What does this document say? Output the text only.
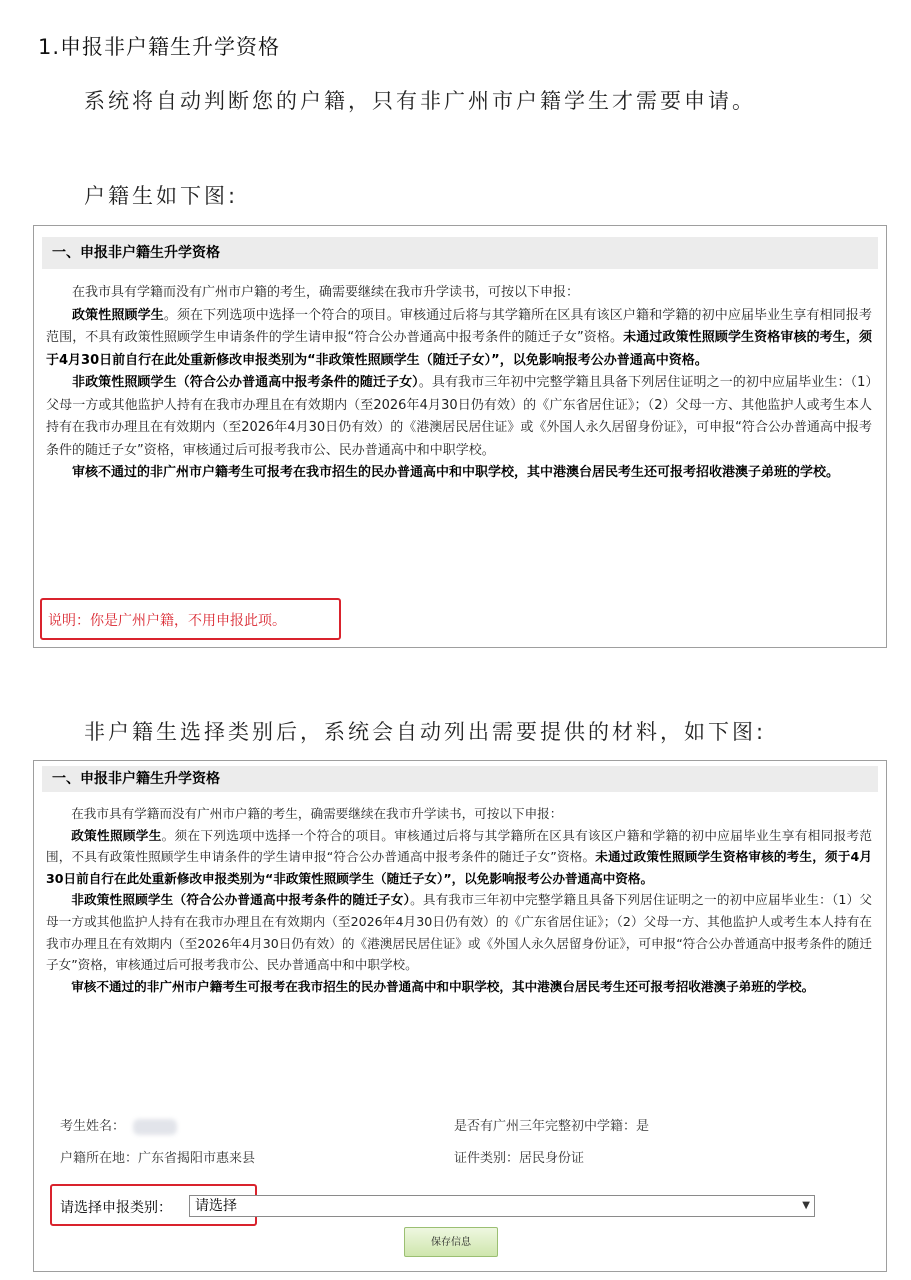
1.申报非户籍生升学资格
系统将自动判断您的户籍，只有非广州市户籍学生才需要申请。
户籍生如下图:
一、申报非户籍生升学资格

在我市具有学籍而没有广州市户籍的考生，确需要继续在我市升学读书，可按以下申报：

政策性照顾学生。须在下列选项中选择一个符合的项目。审核通过后将与其学籍所在区具有该区户籍和学籍的初中应届毕业生享有相同报考范围，不具有政策性照顾学生申请条件的学生请申报“符合公办普通高中报考条件的随迁子女”资格。未通过政策性照顾学生资格审核的考生，须于4月30日前自行在此处重新修改申报类别为“非政策性照顾学生（随迁子女）”，以免影响报考公办普通高中资格。

非政策性照顾学生（符合公办普通高中报考条件的随迁子女）。具有我市三年初中完整学籍且具备下列居住证明之一的初中应届毕业生：（1）父母一方或其他监护人持有在我市办理且在有效期内（至2026年4月30日仍有效）的《广东省居住证》；（2）父母一方、其他监护人或考生本人持有在我市办理且在有效期内（至2026年4月30日仍有效）的《港澳居民居住证》或《外国人永久居留身份证》，可申报“符合公办普通高中报考条件的随迁子女”资格，审核通过后可报考我市公、民办普通高中和中职学校。

审核不通过的非广州市户籍考生可报考在我市招生的民办普通高中和中职学校，其中港澳台居民考生还可报考招收港澳子弟班的学校。

说明：你是广州户籍，不用申报此项。
非户籍生选择类别后，系统会自动列出需要提供的材料，如下图:
一、申报非户籍生升学资格

在我市具有学籍而没有广州市户籍的考生，确需要继续在我市升学读书，可按以下申报：

政策性照顾学生。须在下列选项中选择一个符合的项目。审核通过后将与其学籍所在区具有该区户籍和学籍的初中应届毕业生享有相同报考范围，不具有政策性照顾学生申请条件的学生请申报“符合公办普通高中报考条件的随迁子女”资格。未通过政策性照顾学生资格审核的考生，须于4月30日前自行在此处重新修改申报类别为“非政策性照顾学生（随迁子女）”，以免影响报考公办普通高中资格。

非政策性照顾学生（符合公办普通高中报考条件的随迁子女）。具有我市三年初中完整学籍且具备下列居住证明之一的初中应届毕业生：（1）父母一方或其他监护人持有在我市办理且在有效期内（至2026年4月30日仍有效）的《广东省居住证》；（2）父母一方、其他监护人或考生本人持有在我市办理且在有效期内（至2026年4月30日仍有效）的《港澳居民居住证》或《外国人永久居留身份证》，可申报“符合公办普通高中报考条件的随迁子女”资格，审核通过后可报考我市公、民办普通高中和中职学校。

审核不通过的非广州市户籍考生可报考在我市招生的民办普通高中和中职学校，其中港澳台居民考生还可报考招收港澳子弟班的学校。

考生姓名：	是否有广州三年完整初中学籍：是
户籍所在地：广东省揭阳市惠来县	证件类别：居民身份证
请选择申报类别：	请选择	▼
保存信息
